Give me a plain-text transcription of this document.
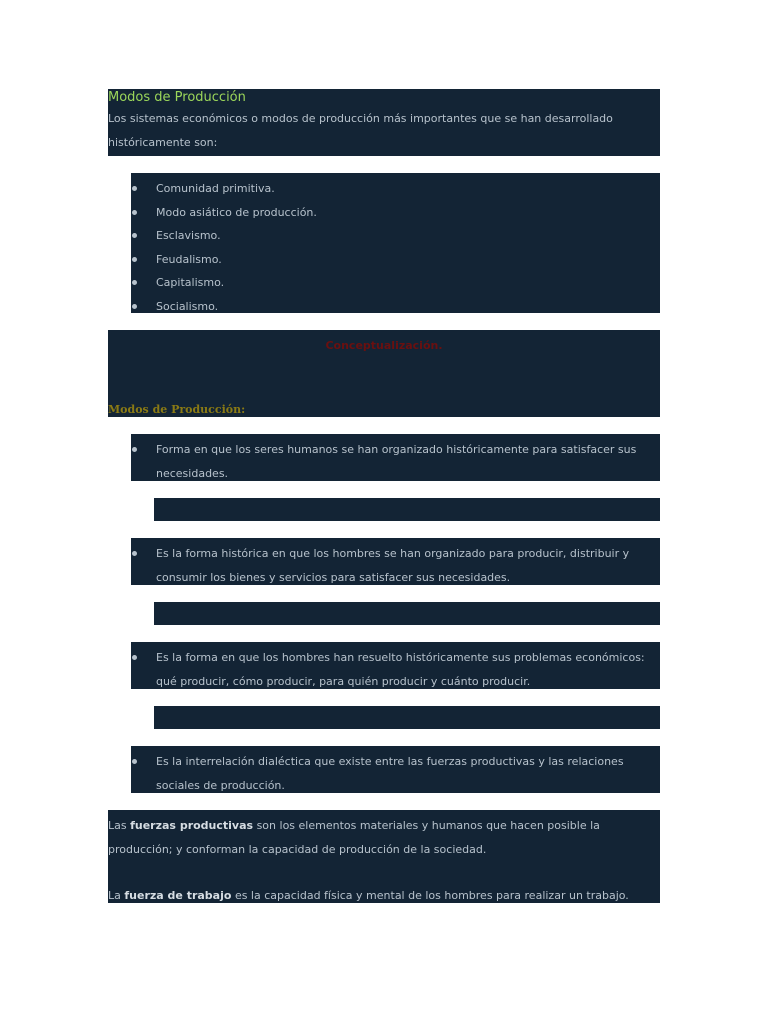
Modos de Producción

Los sistemas económicos o modos de producción más importantes que se han desarrollado históricamente son:

Comunidad primitiva.
Modo asiático de producción.
Esclavismo.
Feudalismo.
Capitalismo.
Socialismo.
Conceptualización.
Modos de Producción:
Forma en que los seres humanos se han organizado históricamente para satisfacer sus necesidades.
Es la forma histórica en que los hombres se han organizado para producir, distribuir y consumir los bienes y servicios para satisfacer sus necesidades.
Es la forma en que los hombres han resuelto históricamente sus problemas económicos: qué producir, cómo producir, para quién producir y cuánto producir.
Es la interrelación dialéctica que existe entre las fuerzas productivas y las relaciones sociales de producción.

Las fuerzas productivas son los elementos materiales y humanos que hacen posible la producción; y conforman la capacidad de producción de la sociedad.

La fuerza de trabajo es la capacidad física y mental de los hombres para realizar un trabajo.
